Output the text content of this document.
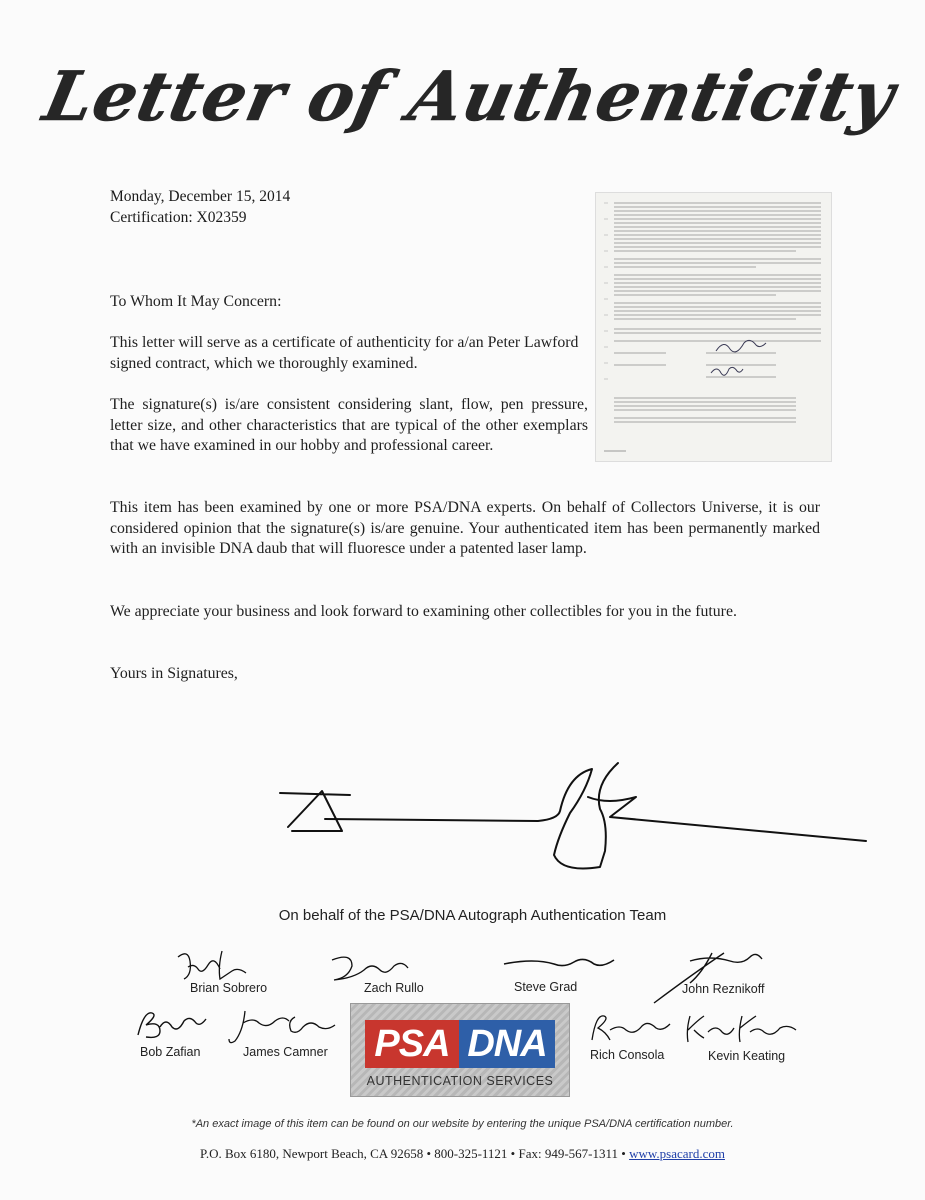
Letter of Authenticity
Monday, December 15, 2014
Certification: X02359
To Whom It May Concern:
This letter will serve as a certificate of authenticity for a/an Peter Lawford signed contract, which we thoroughly examined.
The signature(s) is/are consistent considering slant, flow, pen pressure, letter size, and other characteristics that are typical of the other exemplars that we have examined in our hobby and professional career.
This item has been examined by one or more PSA/DNA experts. On behalf of Collectors Universe, it is our considered opinion that the signature(s) is/are genuine. Your authenticated item has been permanently marked with an invisible DNA daub that will fluoresce under a patented laser lamp.
We appreciate your business and look forward to examining other collectibles for you in the future.
Yours in Signatures,
On behalf of the PSA/DNA Autograph Authentication Team
Brian Sobrero	Zach Rullo	Steve Grad	John Reznikoff
Bob Zafian	James Camner	Rich Consola	Kevin Keating
PSA DNA
AUTHENTICATION SERVICES
*An exact image of this item can be found on our website by entering the unique PSA/DNA certification number.
P.O. Box 6180, Newport Beach, CA 92658 • 800-325-1121 • Fax: 949-567-1311 • www.psacard.com
